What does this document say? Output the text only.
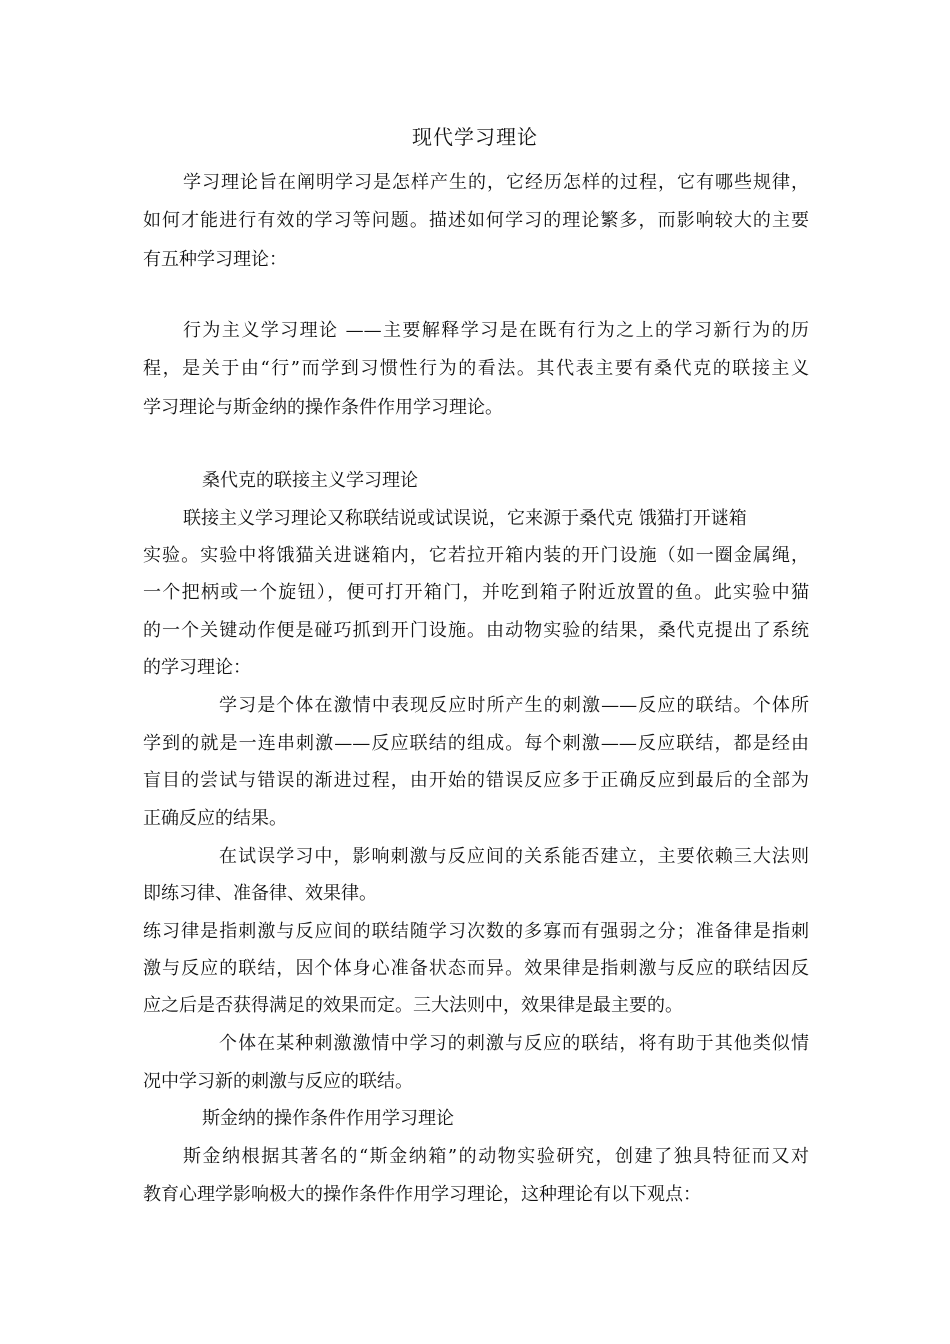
现代学习理论
学习理论旨在阐明学习是怎样产生的，它经历怎样的过程，它有哪些规律，
如何才能进行有效的学习等问题。描述如何学习的理论繁多，而影响较大的主要
有五种学习理论：
行为主义学习理论 ——主要解释学习是在既有行为之上的学习新行为的历
程，是关于由“行”而学到习惯性行为的看法。其代表主要有桑代克的联接主义
学习理论与斯金纳的操作条件作用学习理论。
桑代克的联接主义学习理论
联接主义学习理论又称联结说或试误说，它来源于桑代克 饿猫打开谜箱
实验。实验中将饿猫关进谜箱内，它若拉开箱内装的开门设施（如一圈金属绳，
一个把柄或一个旋钮），便可打开箱门，并吃到箱子附近放置的鱼。此实验中猫
的一个关键动作便是碰巧抓到开门设施。由动物实验的结果，桑代克提出了系统
的学习理论：
学习是个体在激情中表现反应时所产生的刺激——反应的联结。个体所
学到的就是一连串刺激——反应联结的组成。每个刺激——反应联结，都是经由
盲目的尝试与错误的渐进过程，由开始的错误反应多于正确反应到最后的全部为
正确反应的结果。
在试误学习中，影响刺激与反应间的关系能否建立，主要依赖三大法则
即练习律、准备律、效果律。
练习律是指刺激与反应间的联结随学习次数的多寡而有强弱之分；准备律是指刺
激与反应的联结，因个体身心准备状态而异。效果律是指刺激与反应的联结因反
应之后是否获得满足的效果而定。三大法则中，效果律是最主要的。
个体在某种刺激激情中学习的刺激与反应的联结，将有助于其他类似情
况中学习新的刺激与反应的联结。
斯金纳的操作条件作用学习理论
斯金纳根据其著名的“斯金纳箱”的动物实验研究，创建了独具特征而又对
教育心理学影响极大的操作条件作用学习理论，这种理论有以下观点：
